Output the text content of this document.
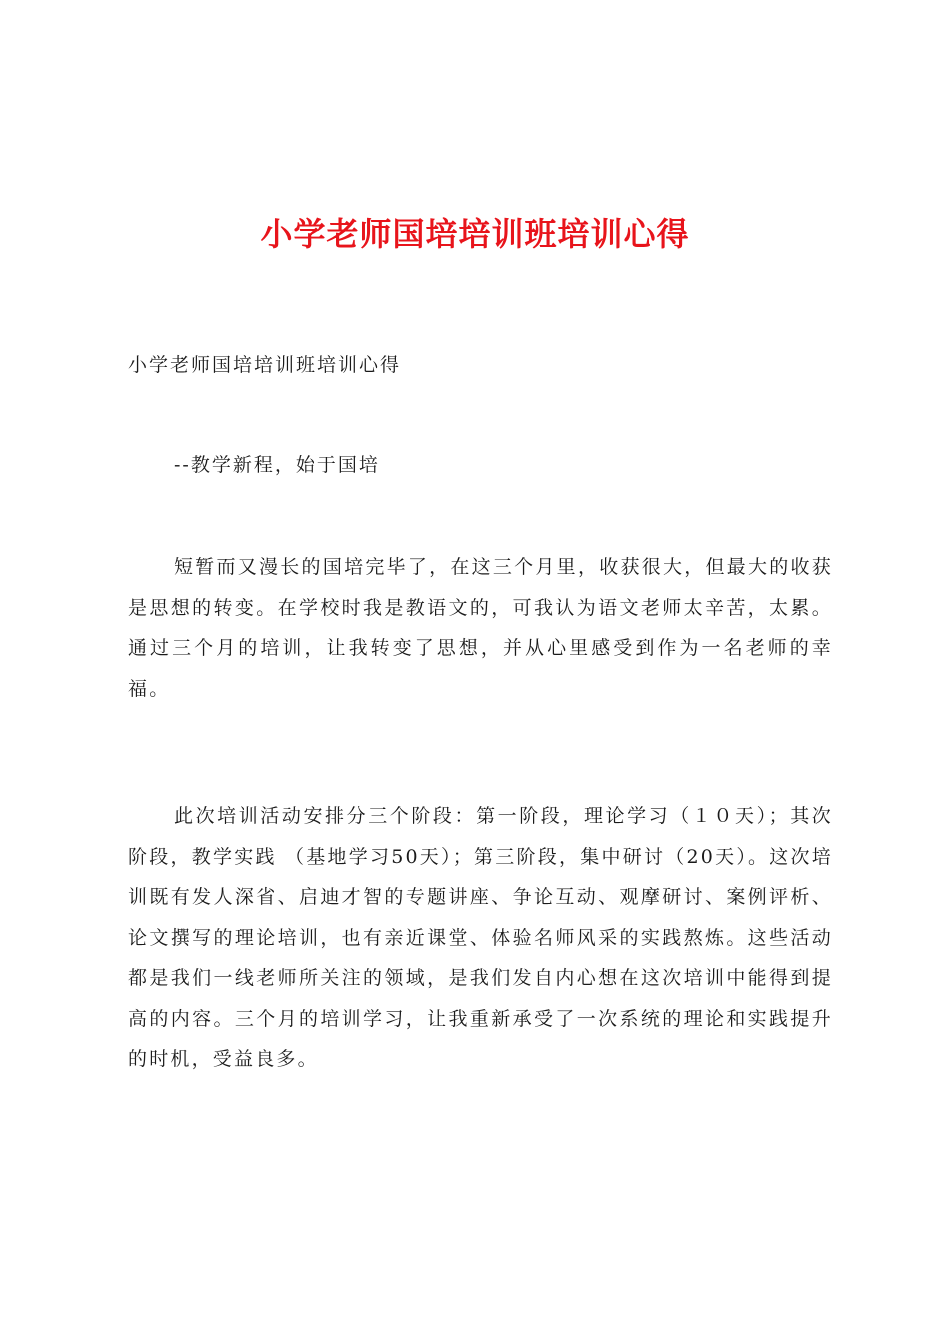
小学老师国培培训班培训心得

小学老师国培培训班培训心得

--教学新程，始于国培

短暂而又漫长的国培完毕了，在这三个月里，收获很大，但最大的收获是思想的转变。在学校时我是教语文的，可我认为语文老师太辛苦，太累。通过三个月的培训，让我转变了思想，并从心里感受到作为一名老师的幸福。

此次培训活动安排分三个阶段：第一阶段，理论学习（１０天）；其次阶段，教学实践 （基地学习50天）；第三阶段，集中研讨（20天）。这次培训既有发人深省、启迪才智的专题讲座、争论互动、观摩研讨、案例评析、论文撰写的理论培训，也有亲近课堂、体验名师风采的实践熬炼。这些活动都是我们一线老师所关注的领域，是我们发自内心想在这次培训中能得到提高的内容。三个月的培训学习，让我重新承受了一次系统的理论和实践提升的时机，受益良多。
